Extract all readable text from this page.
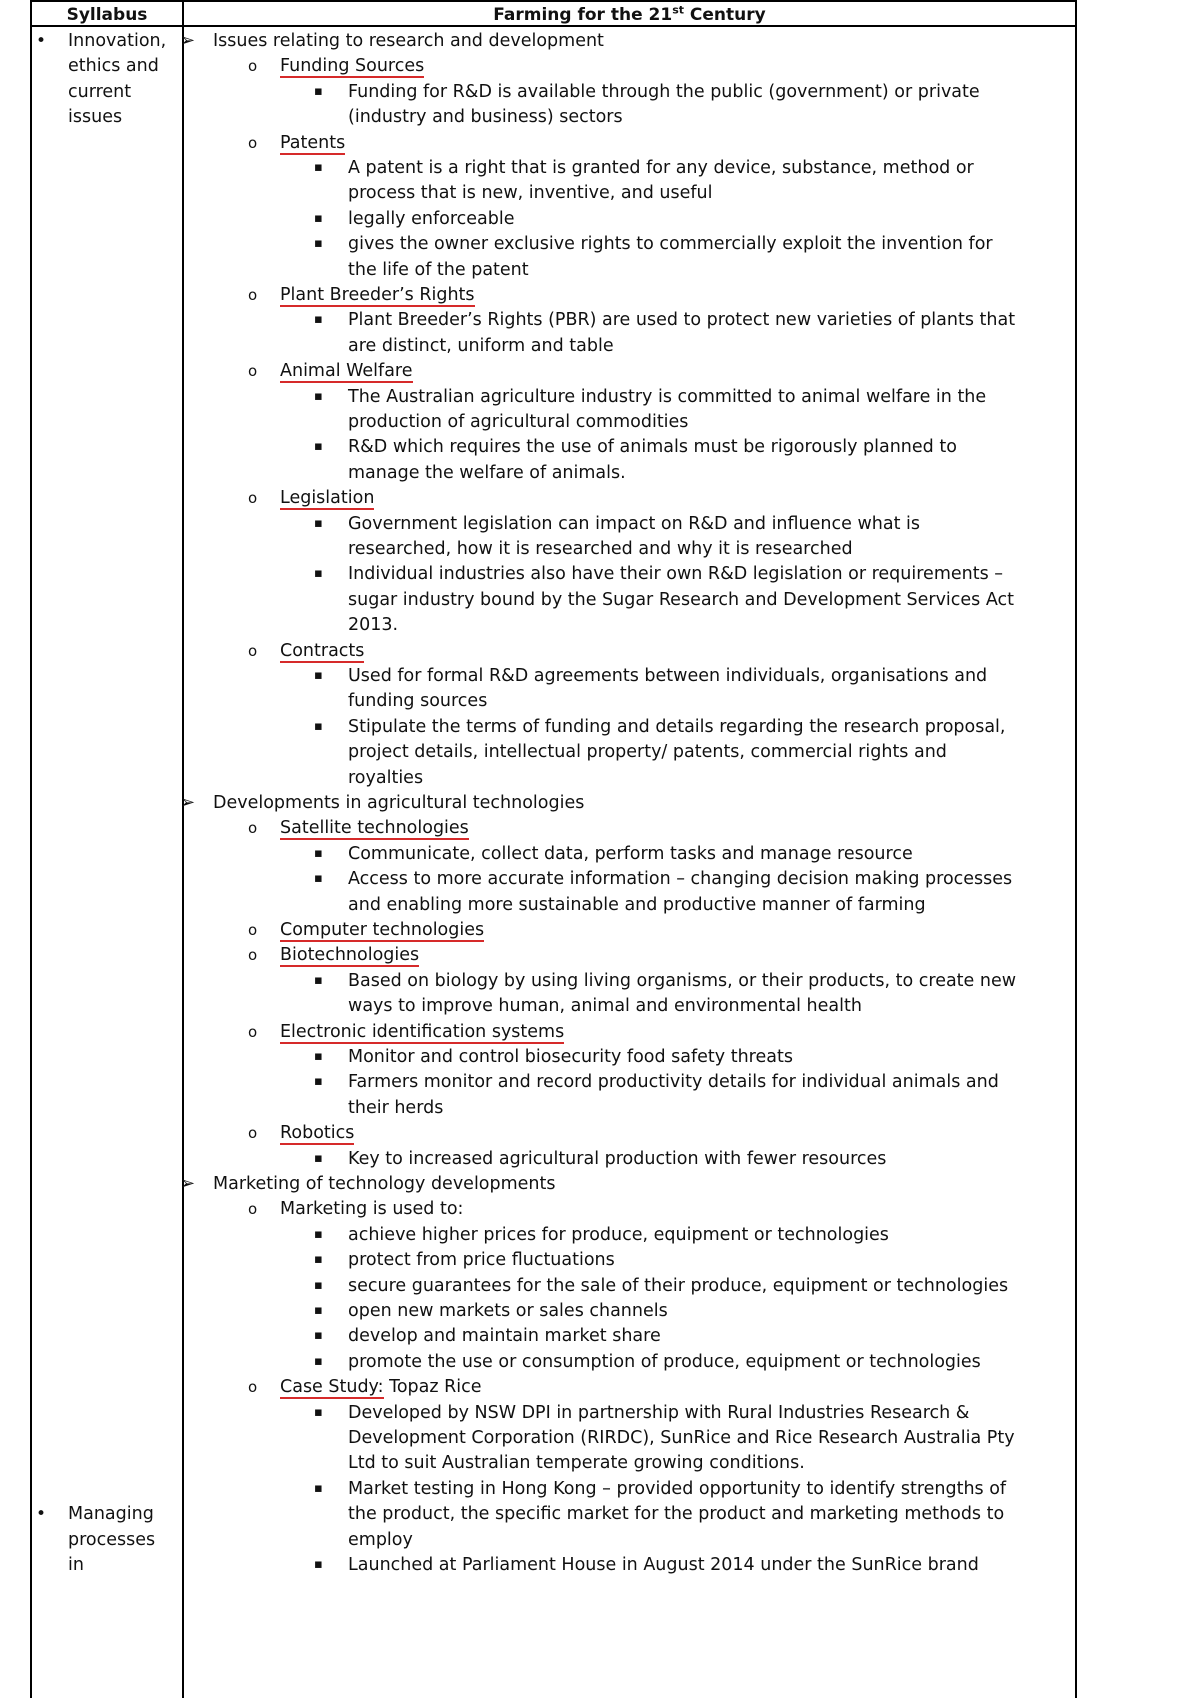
Syllabus	Farming for the 21st Century
• Innovation,
ethics and
current
issues
• Managing
processes
in
➢ Issues relating to research and development
o Funding Sources
▪ Funding for R&D is available through the public (government) or private
(industry and business) sectors
o Patents
▪ A patent is a right that is granted for any device, substance, method or
process that is new, inventive, and useful
▪ legally enforceable
▪ gives the owner exclusive rights to commercially exploit the invention for
the life of the patent
o Plant Breeder’s Rights
▪ Plant Breeder’s Rights (PBR) are used to protect new varieties of plants that
are distinct, uniform and table
o Animal Welfare
▪ The Australian agriculture industry is committed to animal welfare in the
production of agricultural commodities
▪ R&D which requires the use of animals must be rigorously planned to
manage the welfare of animals.
o Legislation
▪ Government legislation can impact on R&D and influence what is
researched, how it is researched and why it is researched
▪ Individual industries also have their own R&D legislation or requirements –
sugar industry bound by the Sugar Research and Development Services Act
2013.
o Contracts
▪ Used for formal R&D agreements between individuals, organisations and
funding sources
▪ Stipulate the terms of funding and details regarding the research proposal,
project details, intellectual property/ patents, commercial rights and
royalties
➢ Developments in agricultural technologies
o Satellite technologies
▪ Communicate, collect data, perform tasks and manage resource
▪ Access to more accurate information – changing decision making processes
and enabling more sustainable and productive manner of farming
o Computer technologies
o Biotechnologies
▪ Based on biology by using living organisms, or their products, to create new
ways to improve human, animal and environmental health
o Electronic identification systems
▪ Monitor and control biosecurity food safety threats
▪ Farmers monitor and record productivity details for individual animals and
their herds
o Robotics
▪ Key to increased agricultural production with fewer resources
➢ Marketing of technology developments
o Marketing is used to:
▪ achieve higher prices for produce, equipment or technologies
▪ protect from price fluctuations
▪ secure guarantees for the sale of their produce, equipment or technologies
▪ open new markets or sales channels
▪ develop and maintain market share
▪ promote the use or consumption of produce, equipment or technologies
o Case Study: Topaz Rice
▪ Developed by NSW DPI in partnership with Rural Industries Research &
Development Corporation (RIRDC), SunRice and Rice Research Australia Pty
Ltd to suit Australian temperate growing conditions.
▪ Market testing in Hong Kong – provided opportunity to identify strengths of
the product, the specific market for the product and marketing methods to
employ
▪ Launched at Parliament House in August 2014 under the SunRice brand
